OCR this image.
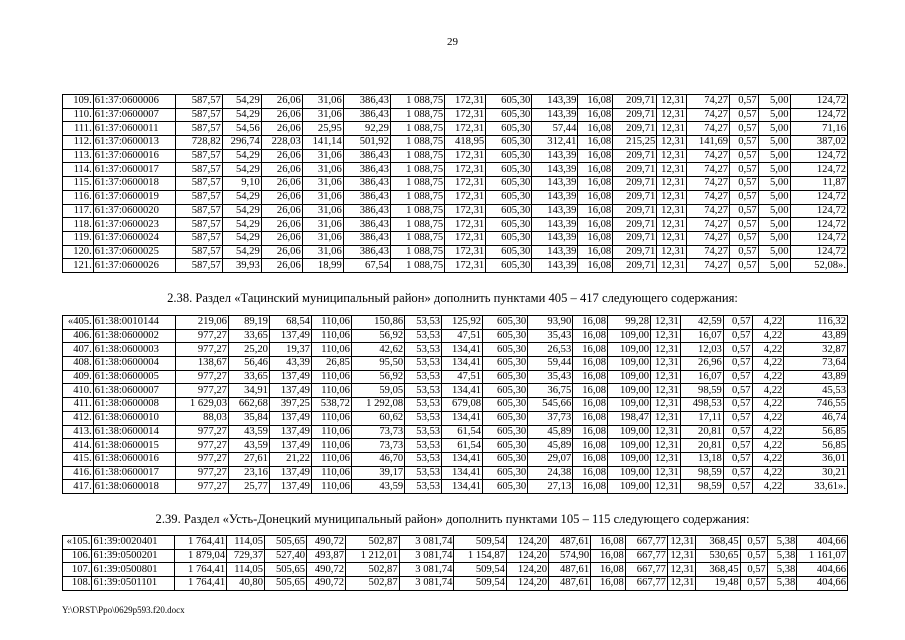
29
109.	61:37:0600006	587,57	54,29	26,06	31,06	386,43	1 088,75	172,31	605,30	143,39	16,08	209,71	12,31	74,27	0,57	5,00	124,72
110.	61:37:0600007	587,57	54,29	26,06	31,06	386,43	1 088,75	172,31	605,30	143,39	16,08	209,71	12,31	74,27	0,57	5,00	124,72
111.	61:37:0600011	587,57	54,56	26,06	25,95	92,29	1 088,75	172,31	605,30	57,44	16,08	209,71	12,31	74,27	0,57	5,00	71,16
112.	61:37:0600013	728,82	296,74	228,03	141,14	501,92	1 088,75	418,95	605,30	312,41	16,08	215,25	12,31	141,69	0,57	5,00	387,02
113.	61:37:0600016	587,57	54,29	26,06	31,06	386,43	1 088,75	172,31	605,30	143,39	16,08	209,71	12,31	74,27	0,57	5,00	124,72
114.	61:37:0600017	587,57	54,29	26,06	31,06	386,43	1 088,75	172,31	605,30	143,39	16,08	209,71	12,31	74,27	0,57	5,00	124,72
115.	61:37:0600018	587,57	9,10	26,06	31,06	386,43	1 088,75	172,31	605,30	143,39	16,08	209,71	12,31	74,27	0,57	5,00	11,87
116.	61:37:0600019	587,57	54,29	26,06	31,06	386,43	1 088,75	172,31	605,30	143,39	16,08	209,71	12,31	74,27	0,57	5,00	124,72
117.	61:37:0600020	587,57	54,29	26,06	31,06	386,43	1 088,75	172,31	605,30	143,39	16,08	209,71	12,31	74,27	0,57	5,00	124,72
118.	61:37:0600023	587,57	54,29	26,06	31,06	386,43	1 088,75	172,31	605,30	143,39	16,08	209,71	12,31	74,27	0,57	5,00	124,72
119.	61:37:0600024	587,57	54,29	26,06	31,06	386,43	1 088,75	172,31	605,30	143,39	16,08	209,71	12,31	74,27	0,57	5,00	124,72
120.	61:37:0600025	587,57	54,29	26,06	31,06	386,43	1 088,75	172,31	605,30	143,39	16,08	209,71	12,31	74,27	0,57	5,00	124,72
121.	61:37:0600026	587,57	39,93	26,06	18,99	67,54	1 088,75	172,31	605,30	143,39	16,08	209,71	12,31	74,27	0,57	5,00	52,08».
2.38. Раздел «Тацинский муниципальный район» дополнить пунктами 405 – 417 следующего содержания:
«405.	61:38:0010144	219,06	89,19	68,54	110,06	150,86	53,53	125,92	605,30	93,90	16,08	99,28	12,31	42,59	0,57	4,22	116,32
406.	61:38:0600002	977,27	33,65	137,49	110,06	56,92	53,53	47,51	605,30	35,43	16,08	109,00	12,31	16,07	0,57	4,22	43,89
407.	61:38:0600003	977,27	25,20	19,37	110,06	42,62	53,53	134,41	605,30	26,53	16,08	109,00	12,31	12,03	0,57	4,22	32,87
408.	61:38:0600004	138,67	56,46	43,39	26,85	95,50	53,53	134,41	605,30	59,44	16,08	109,00	12,31	26,96	0,57	4,22	73,64
409.	61:38:0600005	977,27	33,65	137,49	110,06	56,92	53,53	47,51	605,30	35,43	16,08	109,00	12,31	16,07	0,57	4,22	43,89
410.	61:38:0600007	977,27	34,91	137,49	110,06	59,05	53,53	134,41	605,30	36,75	16,08	109,00	12,31	98,59	0,57	4,22	45,53
411.	61:38:0600008	1 629,03	662,68	397,25	538,72	1 292,08	53,53	679,08	605,30	545,66	16,08	109,00	12,31	498,53	0,57	4,22	746,55
412.	61:38:0600010	88,03	35,84	137,49	110,06	60,62	53,53	134,41	605,30	37,73	16,08	198,47	12,31	17,11	0,57	4,22	46,74
413.	61:38:0600014	977,27	43,59	137,49	110,06	73,73	53,53	61,54	605,30	45,89	16,08	109,00	12,31	20,81	0,57	4,22	56,85
414.	61:38:0600015	977,27	43,59	137,49	110,06	73,73	53,53	61,54	605,30	45,89	16,08	109,00	12,31	20,81	0,57	4,22	56,85
415.	61:38:0600016	977,27	27,61	21,22	110,06	46,70	53,53	134,41	605,30	29,07	16,08	109,00	12,31	13,18	0,57	4,22	36,01
416.	61:38:0600017	977,27	23,16	137,49	110,06	39,17	53,53	134,41	605,30	24,38	16,08	109,00	12,31	98,59	0,57	4,22	30,21
417.	61:38:0600018	977,27	25,77	137,49	110,06	43,59	53,53	134,41	605,30	27,13	16,08	109,00	12,31	98,59	0,57	4,22	33,61».
2.39. Раздел «Усть-Донецкий муниципальный район» дополнить пунктами 105 – 115 следующего содержания:
«105.	61:39:0020401	1 764,41	114,05	505,65	490,72	502,87	3 081,74	509,54	124,20	487,61	16,08	667,77	12,31	368,45	0,57	5,38	404,66
106.	61:39:0500201	1 879,04	729,37	527,40	493,87	1 212,01	3 081,74	1 154,87	124,20	574,90	16,08	667,77	12,31	530,65	0,57	5,38	1 161,07
107.	61:39:0500801	1 764,41	114,05	505,65	490,72	502,87	3 081,74	509,54	124,20	487,61	16,08	667,77	12,31	368,45	0,57	5,38	404,66
108.	61:39:0501101	1 764,41	40,80	505,65	490,72	502,87	3 081,74	509,54	124,20	487,61	16,08	667,77	12,31	19,48	0,57	5,38	404,66
Y:\ORST\Ppo\0629p593.f20.docx
